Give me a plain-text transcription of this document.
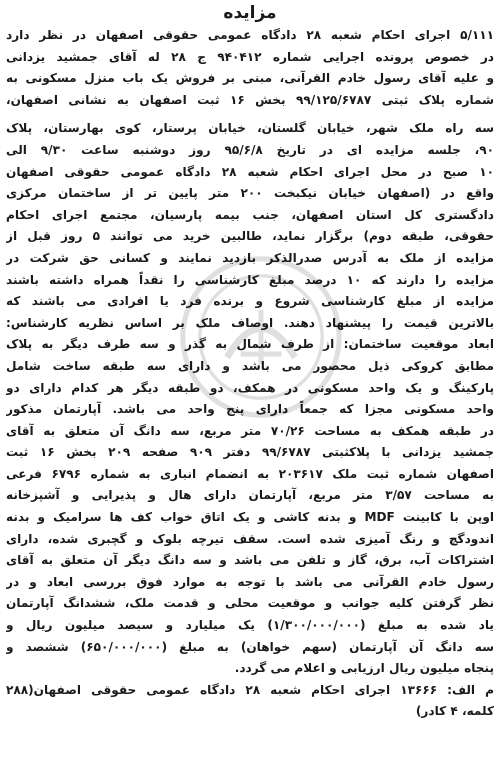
مزایده

۵/۱۱۱ اجرای احکام شعبه ۲۸ دادگاه عمومی حقوقی اصفهان در نظر دارد
در خصوص پرونده اجرایی شماره ۹۴۰۴۱۲ ج ۲۸ له آقای جمشید یزدانی
و علیه آقای رسول خادم القرآنی، مبنی بر فروش یک باب منزل مسکونی به
شماره پلاک ثبتی ۹۹/۱۲۵/۶۷۸۷ بخش ۱۶ ثبت اصفهان به نشانی اصفهان،

سه راه ملک شهر، خیابان گلستان، خیابان پرستار، کوی بهارستان، پلاک
۹۰، جلسه مزایده ای در تاریخ ۹۵/۶/۸ روز دوشنبه ساعت ۹/۳۰ الی
۱۰ صبح در محل اجرای احکام شعبه ۲۸ دادگاه عمومی حقوقی اصفهان
واقع در (اصفهان خیابان نیکبخت ۲۰۰ متر پایین تر از ساختمان مرکزی
دادگستری کل استان اصفهان، جنب بیمه پارسیان، مجتمع اجرای احکام
حقوقی، طبقه دوم) برگزار نماید، طالبین خرید می توانند ۵ روز قبل از
مزایده از ملک به آدرس صدرالذکر بازدید نمایند و کسانی حق شرکت در
مزایده را دارند که ۱۰ درصد مبلغ کارشناسی را نقداً همراه داشته باشند
مزایده از مبلغ کارشناسی شروع و برنده فرد یا افرادی می باشند که
بالاترین قیمت را پیشنهاد دهند. اوصاف ملک بر اساس نظریه کارشناس:
ابعاد موقعیت ساختمان: از طرف شمال به گذر و سه طرف دیگر به پلاک
مطابق کروکی ذیل محصور می باشد و دارای سه طبقه ساخت شامل
پارکینگ و یک واحد مسکونی در همکف، دو طبقه دیگر هر کدام دارای دو
واحد مسکونی مجزا که جمعاً دارای پنج واحد می باشد. آپارتمان مذکور
در طبقه همکف به مساحت ۷۰/۲۶ متر مربع، سه دانگ آن متعلق به آقای
جمشید یزدانی با پلاکثبتی ۹۹/۶۷۸۷ دفتر ۹۰۹ صفحه ۲۰۹ بخش ۱۶ ثبت
اصفهان شماره ثبت ملک ۲۰۳۶۱۷ به انضمام انباری به شماره ۶۷۹۶ فرعی
به مساحت ۳/۵۷ متر مربع، آپارتمان دارای هال و پذیرایی و آشپزخانه
اوپن با کابینت MDF و بدنه کاشی و یک اتاق خواب کف ها سرامیک و بدنه
اندودگچ و رنگ آمیزی شده است. سقف تیرچه بلوک و گچبری شده، دارای
اشتراکات آب، برق، گاز و تلفن می باشد و سه دانگ دیگر آن متعلق به آقای
رسول خادم القرآنی می باشد با توجه به موارد فوق بررسی ابعاد و در
نظر گرفتن کلیه جوانب و موقعیت محلی و قدمت ملک، ششدانگ آپارتمان
یاد شده به مبلغ (۱/۳۰۰/۰۰۰/۰۰۰) یک میلیارد و سیصد میلیون ریال و
سه دانگ آن آپارتمان (سهم خواهان) به مبلغ (۶۵۰/۰۰۰/۰۰۰) ششصد و
پنجاه میلیون ریال ارزیابی و اعلام می گردد.

م الف: ۱۳۶۶۶ اجرای احکام شعبه ۲۸ دادگاه عمومی حقوقی اصفهان(۲۸۸
کلمه، ۴ کادر)
